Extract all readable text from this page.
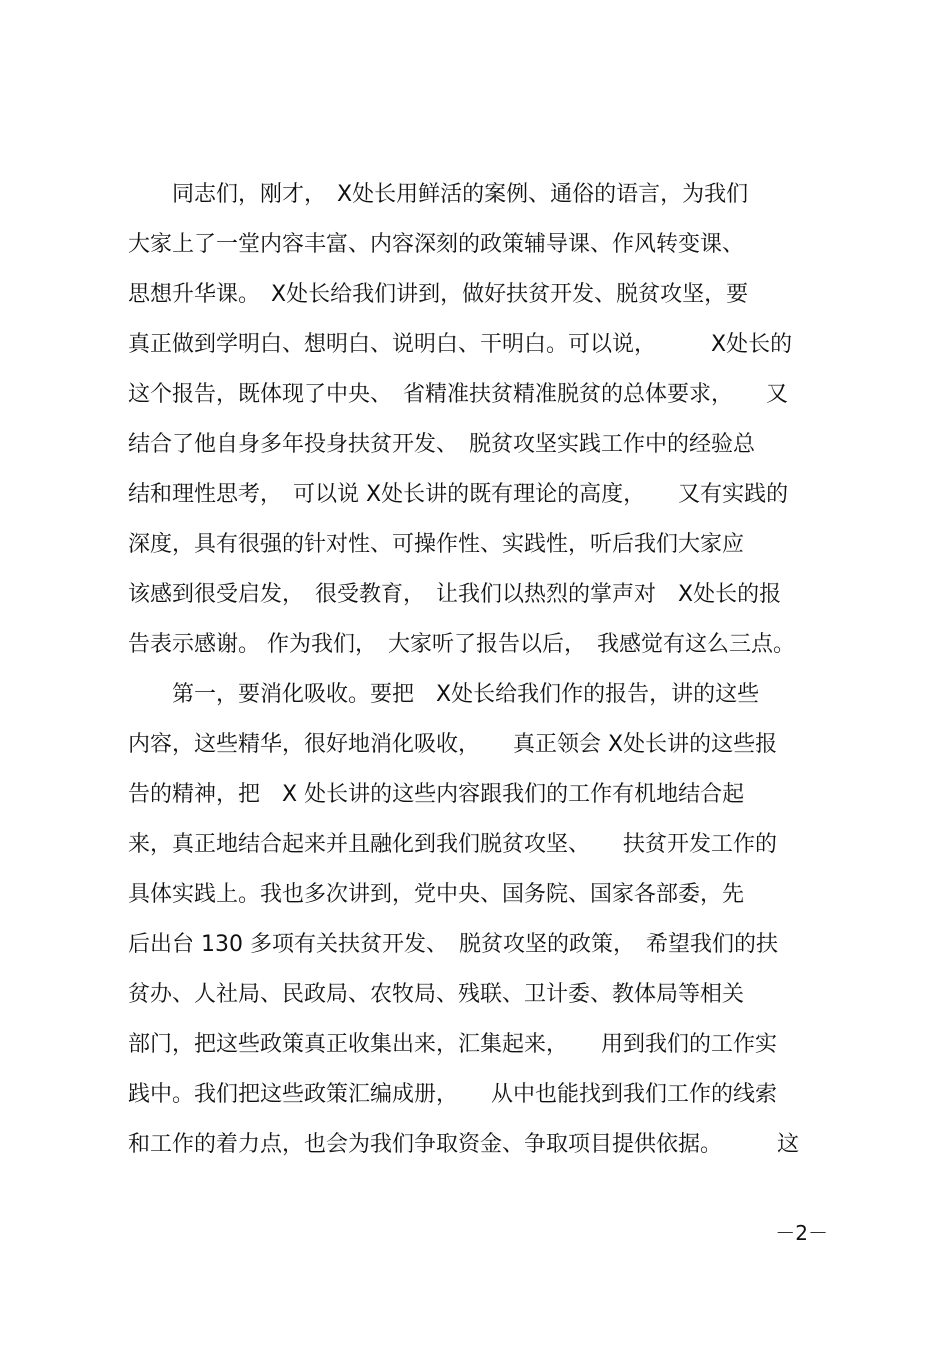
　　同志们，刚才，　X处长用鲜活的案例、通俗的语言，为我们
大家上了一堂内容丰富、内容深刻的政策辅导课、作风转变课、
思想升华课。　X处长给我们讲到，做好扶贫开发、脱贫攻坚，要
真正做到学明白、想明白、说明白、干明白。可以说，　　　X处长的
这个报告，既体现了中央、　省精准扶贫精准脱贫的总体要求，　　又
结合了他自身多年投身扶贫开发、　脱贫攻坚实践工作中的经验总
结和理性思考，　可以说 X处长讲的既有理论的高度，　　又有实践的
深度，具有很强的针对性、可操作性、实践性，听后我们大家应
该感到很受启发，　很受教育，　让我们以热烈的掌声对　X处长的报
告表示感谢。 作为我们，　大家听了报告以后，　我感觉有这么三点。
　　第一，要消化吸收。要把　X处长给我们作的报告，讲的这些
内容，这些精华，很好地消化吸收，　　真正领会 X处长讲的这些报
告的精神，把　X 处长讲的这些内容跟我们的工作有机地结合起
来，真正地结合起来并且融化到我们脱贫攻坚、　　扶贫开发工作的
具体实践上。我也多次讲到，党中央、国务院、国家各部委，先
后出台 130 多项有关扶贫开发、　脱贫攻坚的政策，　希望我们的扶
贫办、人社局、民政局、农牧局、残联、卫计委、教体局等相关
部门，把这些政策真正收集出来，汇集起来，　　用到我们的工作实
践中。我们把这些政策汇编成册，　　从中也能找到我们工作的线索
和工作的着力点，也会为我们争取资金、争取项目提供依据。　　　这
－2－
